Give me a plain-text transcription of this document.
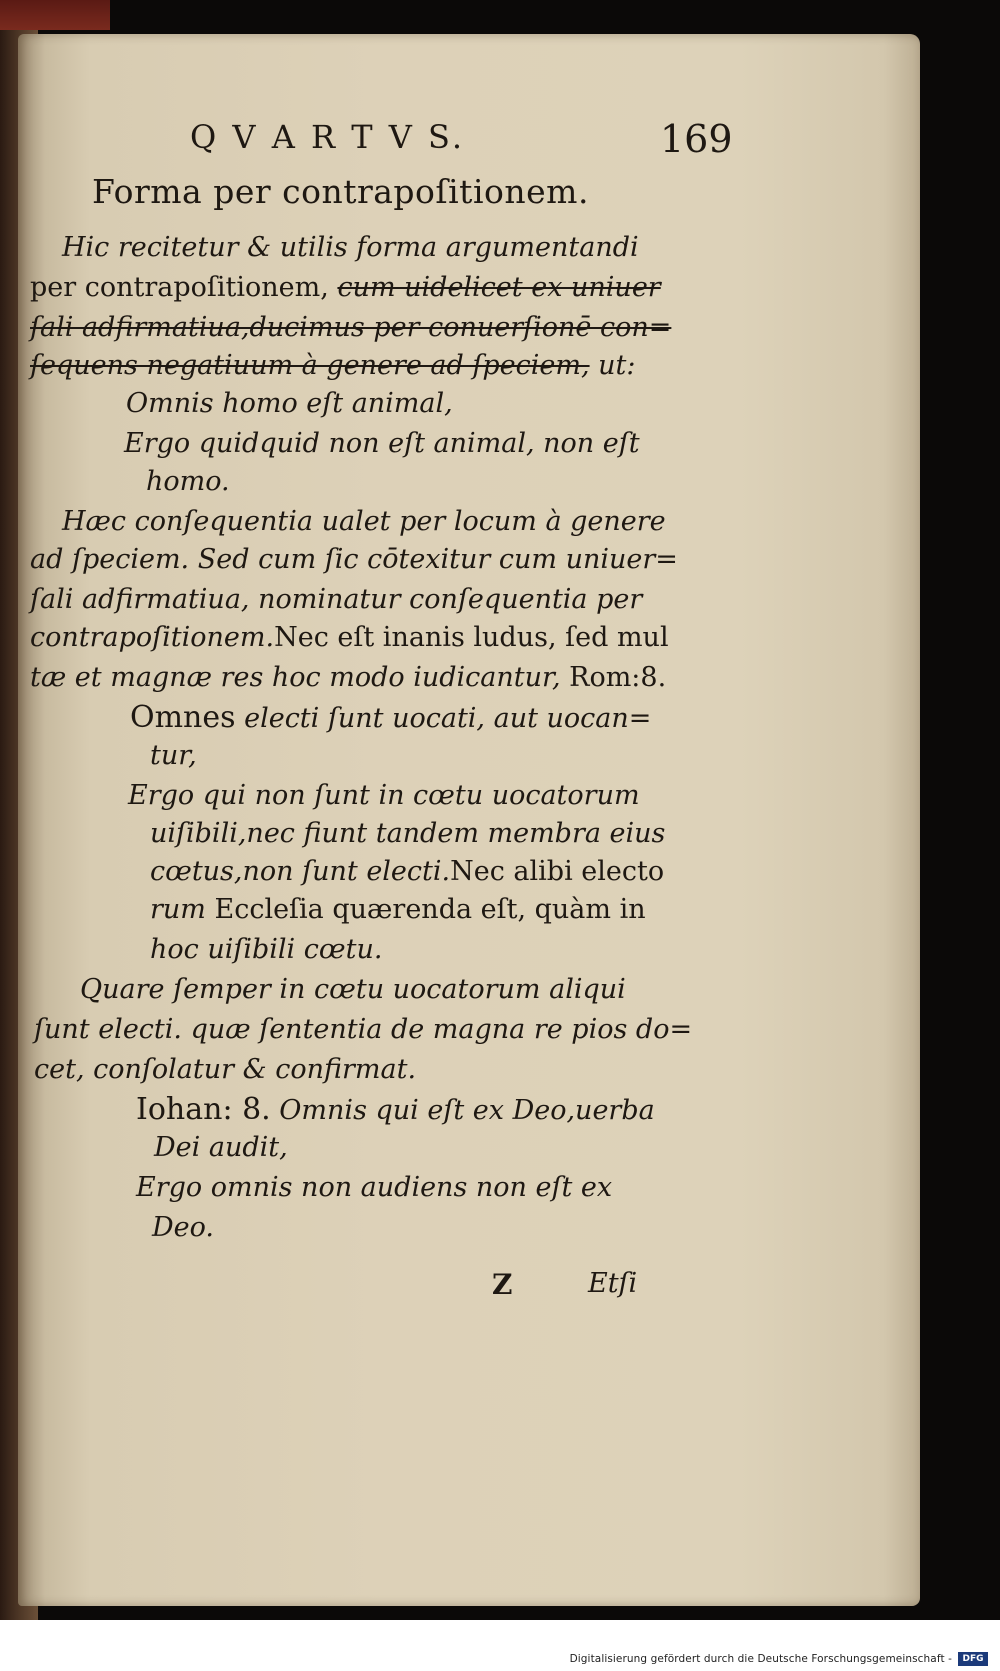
Q V A R T V S.	169
Forma per contrapoſitionem.
Hic recitetur & utilis forma argumentandi
per contrapoſitionem, cum uidelicet ex uniuer
ſali adfirmatiua,ducimus per conuerſionē con=
ſequens negatiuum à genere ad ſpeciem, ut:
Omnis homo eſt animal,
Ergo quidquid non eſt animal, non eſt
homo.
Hæc conſequentia ualet per locum à genere
ad ſpeciem. Sed cum ſic cōtexitur cum uniuer=
ſali adfirmatiua, nominatur conſequentia per
contrapoſitionem.Nec eſt inanis ludus, ſed mul
tæ et magnæ res hoc modo iudicantur, Rom:8.
Omnes electi ſunt uocati, aut uocan=
tur,
Ergo qui non ſunt in cœtu uocatorum
uiſibili,nec fiunt tandem membra eius
cœtus,non ſunt electi.Nec alibi electo
rum Eccleſia quærenda eſt, quàm in
hoc uiſibili cœtu.
Quare ſemper in cœtu uocatorum aliqui
ſunt electi. quæ ſententia de magna re pios do=
cet, conſolatur & confirmat.
Iohan: 8. Omnis qui eſt ex Deo,uerba
Dei audit,
Ergo omnis non audiens non eſt ex
Deo.
Z	Etſi
Digitalisierung gefördert durch die Deutsche Forschungsgemeinschaft -	DFG
